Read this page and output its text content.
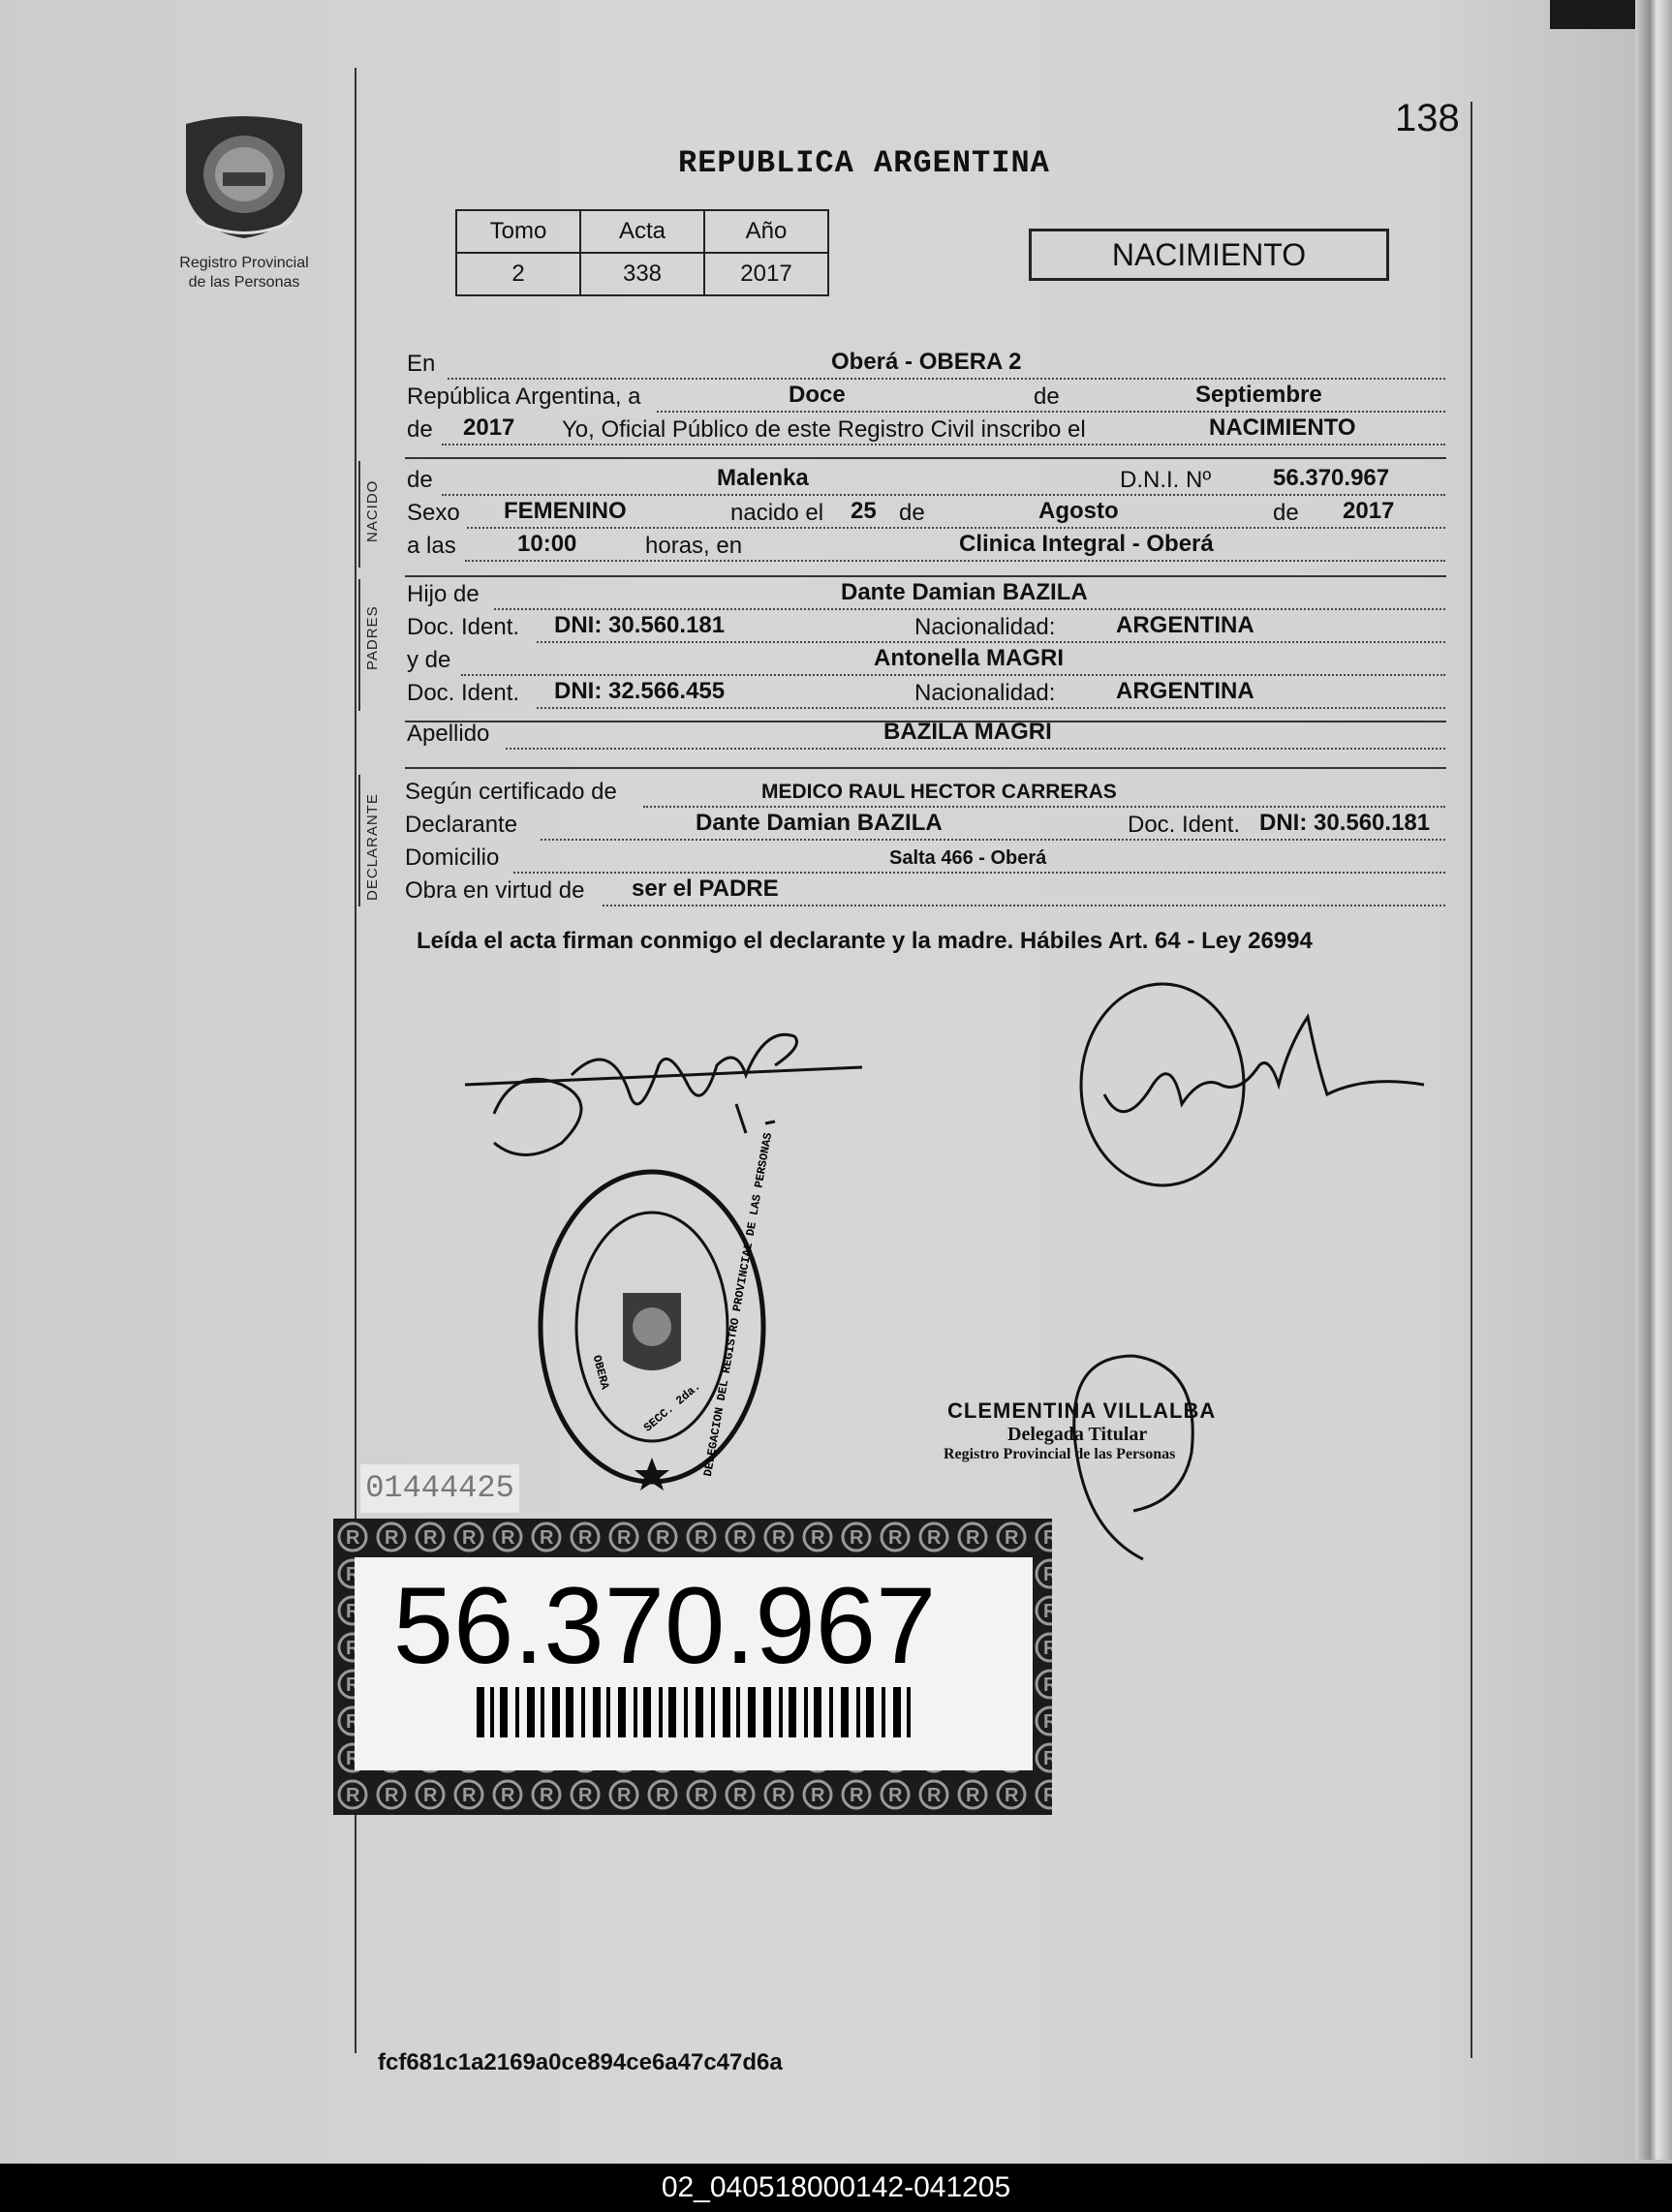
Registro Provincial
de las Personas
138
REPUBLICA ARGENTINA
Tomo	Acta	Año
2	338	2017
NACIMIENTO
En	Oberá - OBERA 2
República Argentina, a	Doce	de	Septiembre
de 2017 Yo, Oficial Público de este Registro Civil inscribo el	NACIMIENTO
NACIDO
de	Malenka	D.N.I. Nº	56.370.967
Sexo FEMENINO	nacido el 25 de	Agosto	de 2017
a las	10:00	horas, en	Clinica Integral - Oberá
PADRES
Hijo de	Dante Damian BAZILA
Doc. Ident. DNI: 30.560.181	Nacionalidad:	ARGENTINA
y de	Antonella MAGRI
Doc. Ident. DNI: 32.566.455	Nacionalidad:	ARGENTINA
Apellido	BAZILA MAGRI
DECLARANTE
Según certificado de	MEDICO RAUL HECTOR CARRERAS
Declarante	Dante Damian BAZILA	Doc. Ident. DNI: 30.560.181
Domicilio	Salta 466 - Oberá
Obra en virtud de ser el PADRE
Leída el acta firman conmigo el declarante y la madre. Hábiles Art. 64 - Ley 26994
DELEGACION DEL REGISTRO PROVINCIAL DE LAS PERSONAS
OBERA
SECC. 2da.	CLEMENTINA VILLALBA
Delegada Titular
Registro Provincial de las Personas
01444425
56.370.967
fcf681c1a2169a0ce894ce6a47c47d6a
02_040518000142-041205
